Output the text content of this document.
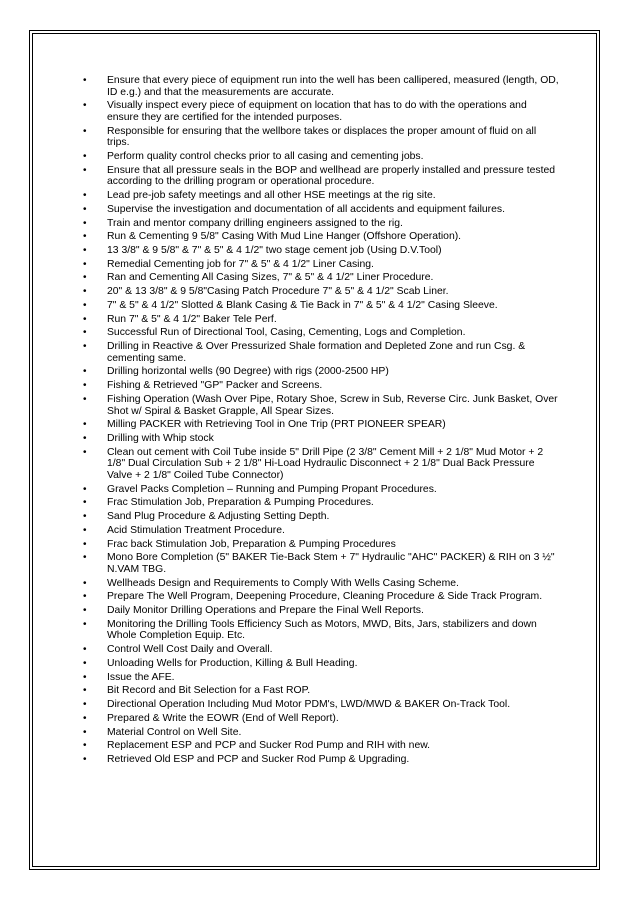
• Ensure that every piece of equipment run into the well has been callipered, measured (length, OD, ID e.g.) and that the measurements are accurate.
• Visually inspect every piece of equipment on location that has to do with the operations and ensure they are certified for the intended purposes.
• Responsible for ensuring that the wellbore takes or displaces the proper amount of fluid on all trips.
• Perform quality control checks prior to all casing and cementing jobs.
• Ensure that all pressure seals in the BOP and wellhead are properly installed and pressure tested according to the drilling program or operational procedure.
• Lead pre-job safety meetings and all other HSE meetings at the rig site.
• Supervise the investigation and documentation of all accidents and equipment failures.
• Train and mentor company drilling engineers assigned to the rig.
• Run & Cementing 9 5/8" Casing With Mud Line Hanger (Offshore Operation).
• 13 3/8" & 9 5/8" & 7" & 5" & 4 1/2" two stage cement job (Using D.V.Tool)
• Remedial Cementing job for 7" & 5" & 4 1/2" Liner Casing.
• Ran and Cementing All Casing Sizes, 7" & 5" & 4 1/2" Liner Procedure.
• 20" & 13 3/8" & 9 5/8"Casing Patch Procedure 7" & 5" & 4 1/2" Scab Liner.
• 7" & 5" & 4 1/2" Slotted & Blank Casing & Tie Back in 7" & 5" & 4 1/2" Casing Sleeve.
• Run 7" & 5" & 4 1/2" Baker Tele Perf.
• Successful Run of Directional Tool, Casing, Cementing, Logs and Completion.
• Drilling in Reactive & Over Pressurized Shale formation and Depleted Zone and run Csg. & cementing same.
• Drilling horizontal wells (90 Degree) with rigs (2000-2500 HP)
• Fishing & Retrieved "GP" Packer and Screens.
• Fishing Operation (Wash Over Pipe, Rotary Shoe, Screw in Sub, Reverse Circ. Junk Basket, Over Shot w/ Spiral & Basket Grapple, All Spear Sizes.
• Milling PACKER with Retrieving Tool in One Trip (PRT PIONEER SPEAR)
• Drilling with Whip stock
• Clean out cement with Coil Tube inside 5" Drill Pipe (2 3/8" Cement Mill + 2 1/8" Mud Motor + 2 1/8" Dual Circulation Sub + 2 1/8" Hi-Load Hydraulic Disconnect + 2 1/8" Dual Back Pressure Valve + 2 1/8" Coiled Tube Connector)
• Gravel Packs Completion – Running and Pumping Propant Procedures.
• Frac Stimulation Job, Preparation & Pumping Procedures.
• Sand Plug Procedure & Adjusting Setting Depth.
• Acid Stimulation Treatment Procedure.
• Frac back Stimulation Job, Preparation & Pumping Procedures
• Mono Bore Completion (5" BAKER Tie-Back Stem + 7" Hydraulic "AHC" PACKER) & RIH on 3 ½" N.VAM TBG.
• Wellheads Design and Requirements to Comply With Wells Casing Scheme.
• Prepare The Well Program, Deepening Procedure, Cleaning Procedure & Side Track Program.
• Daily Monitor Drilling Operations and Prepare the Final Well Reports.
• Monitoring the Drilling Tools Efficiency Such as Motors, MWD, Bits, Jars, stabilizers and down Whole Completion Equip. Etc.
• Control Well Cost Daily and Overall.
• Unloading Wells for Production, Killing & Bull Heading.
• Issue the AFE.
• Bit Record and Bit Selection for a Fast ROP.
• Directional Operation Including Mud Motor PDM's, LWD/MWD & BAKER On-Track Tool.
• Prepared & Write the EOWR (End of Well Report).
• Material Control on Well Site.
• Replacement ESP and PCP and Sucker Rod Pump and RIH with new.
• Retrieved Old ESP and PCP and Sucker Rod Pump & Upgrading.
